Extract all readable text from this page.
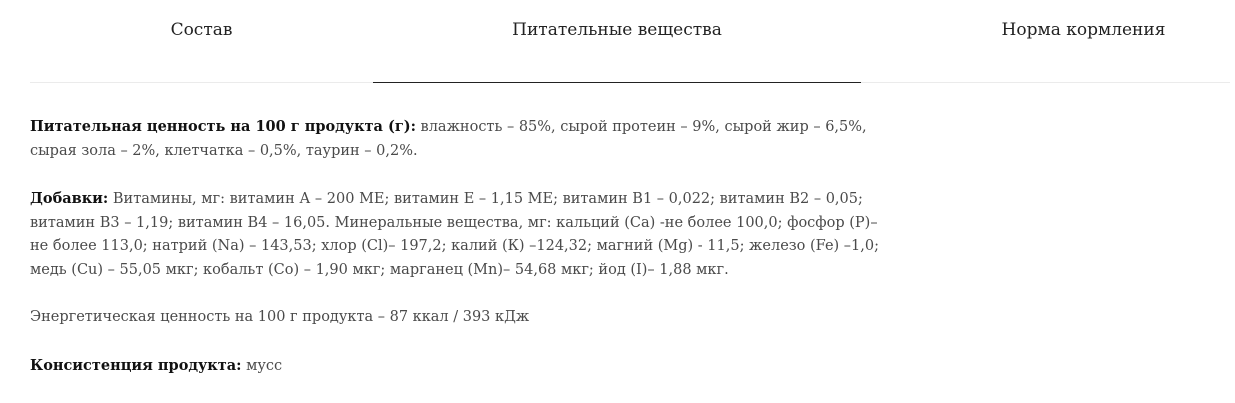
Состав	Питательные вещества	Норма кормления

Питательная ценность на 100 г продукта (г): влажность – 85%, сырой протеин – 9%, сырой жир – 6,5%, сырая зола – 2%, клетчатка – 0,5%, таурин – 0,2%.

Добавки: Витамины, мг: витамин А – 200 МЕ; витамин Е – 1,15 МЕ; витамин В1 – 0,022; витамин В2 – 0,05; витамин В3 – 1,19; витамин В4 – 16,05. Минеральные вещества, мг: кальций (Са) -не более 100,0; фосфор (Р)– не более 113,0; натрий (Na) – 143,53; хлор (Cl)– 197,2; калий (К) –124,32; магний (Mg) - 11,5; железо (Fe) –1,0; медь (Cu) – 55,05 мкг; кобальт (Co) – 1,90 мкг; марганец (Mn)– 54,68 мкг; йод (I)– 1,88 мкг.

Энергетическая ценность на 100 г продукта – 87 ккал / 393 кДж

Консистенция продукта: мусс
